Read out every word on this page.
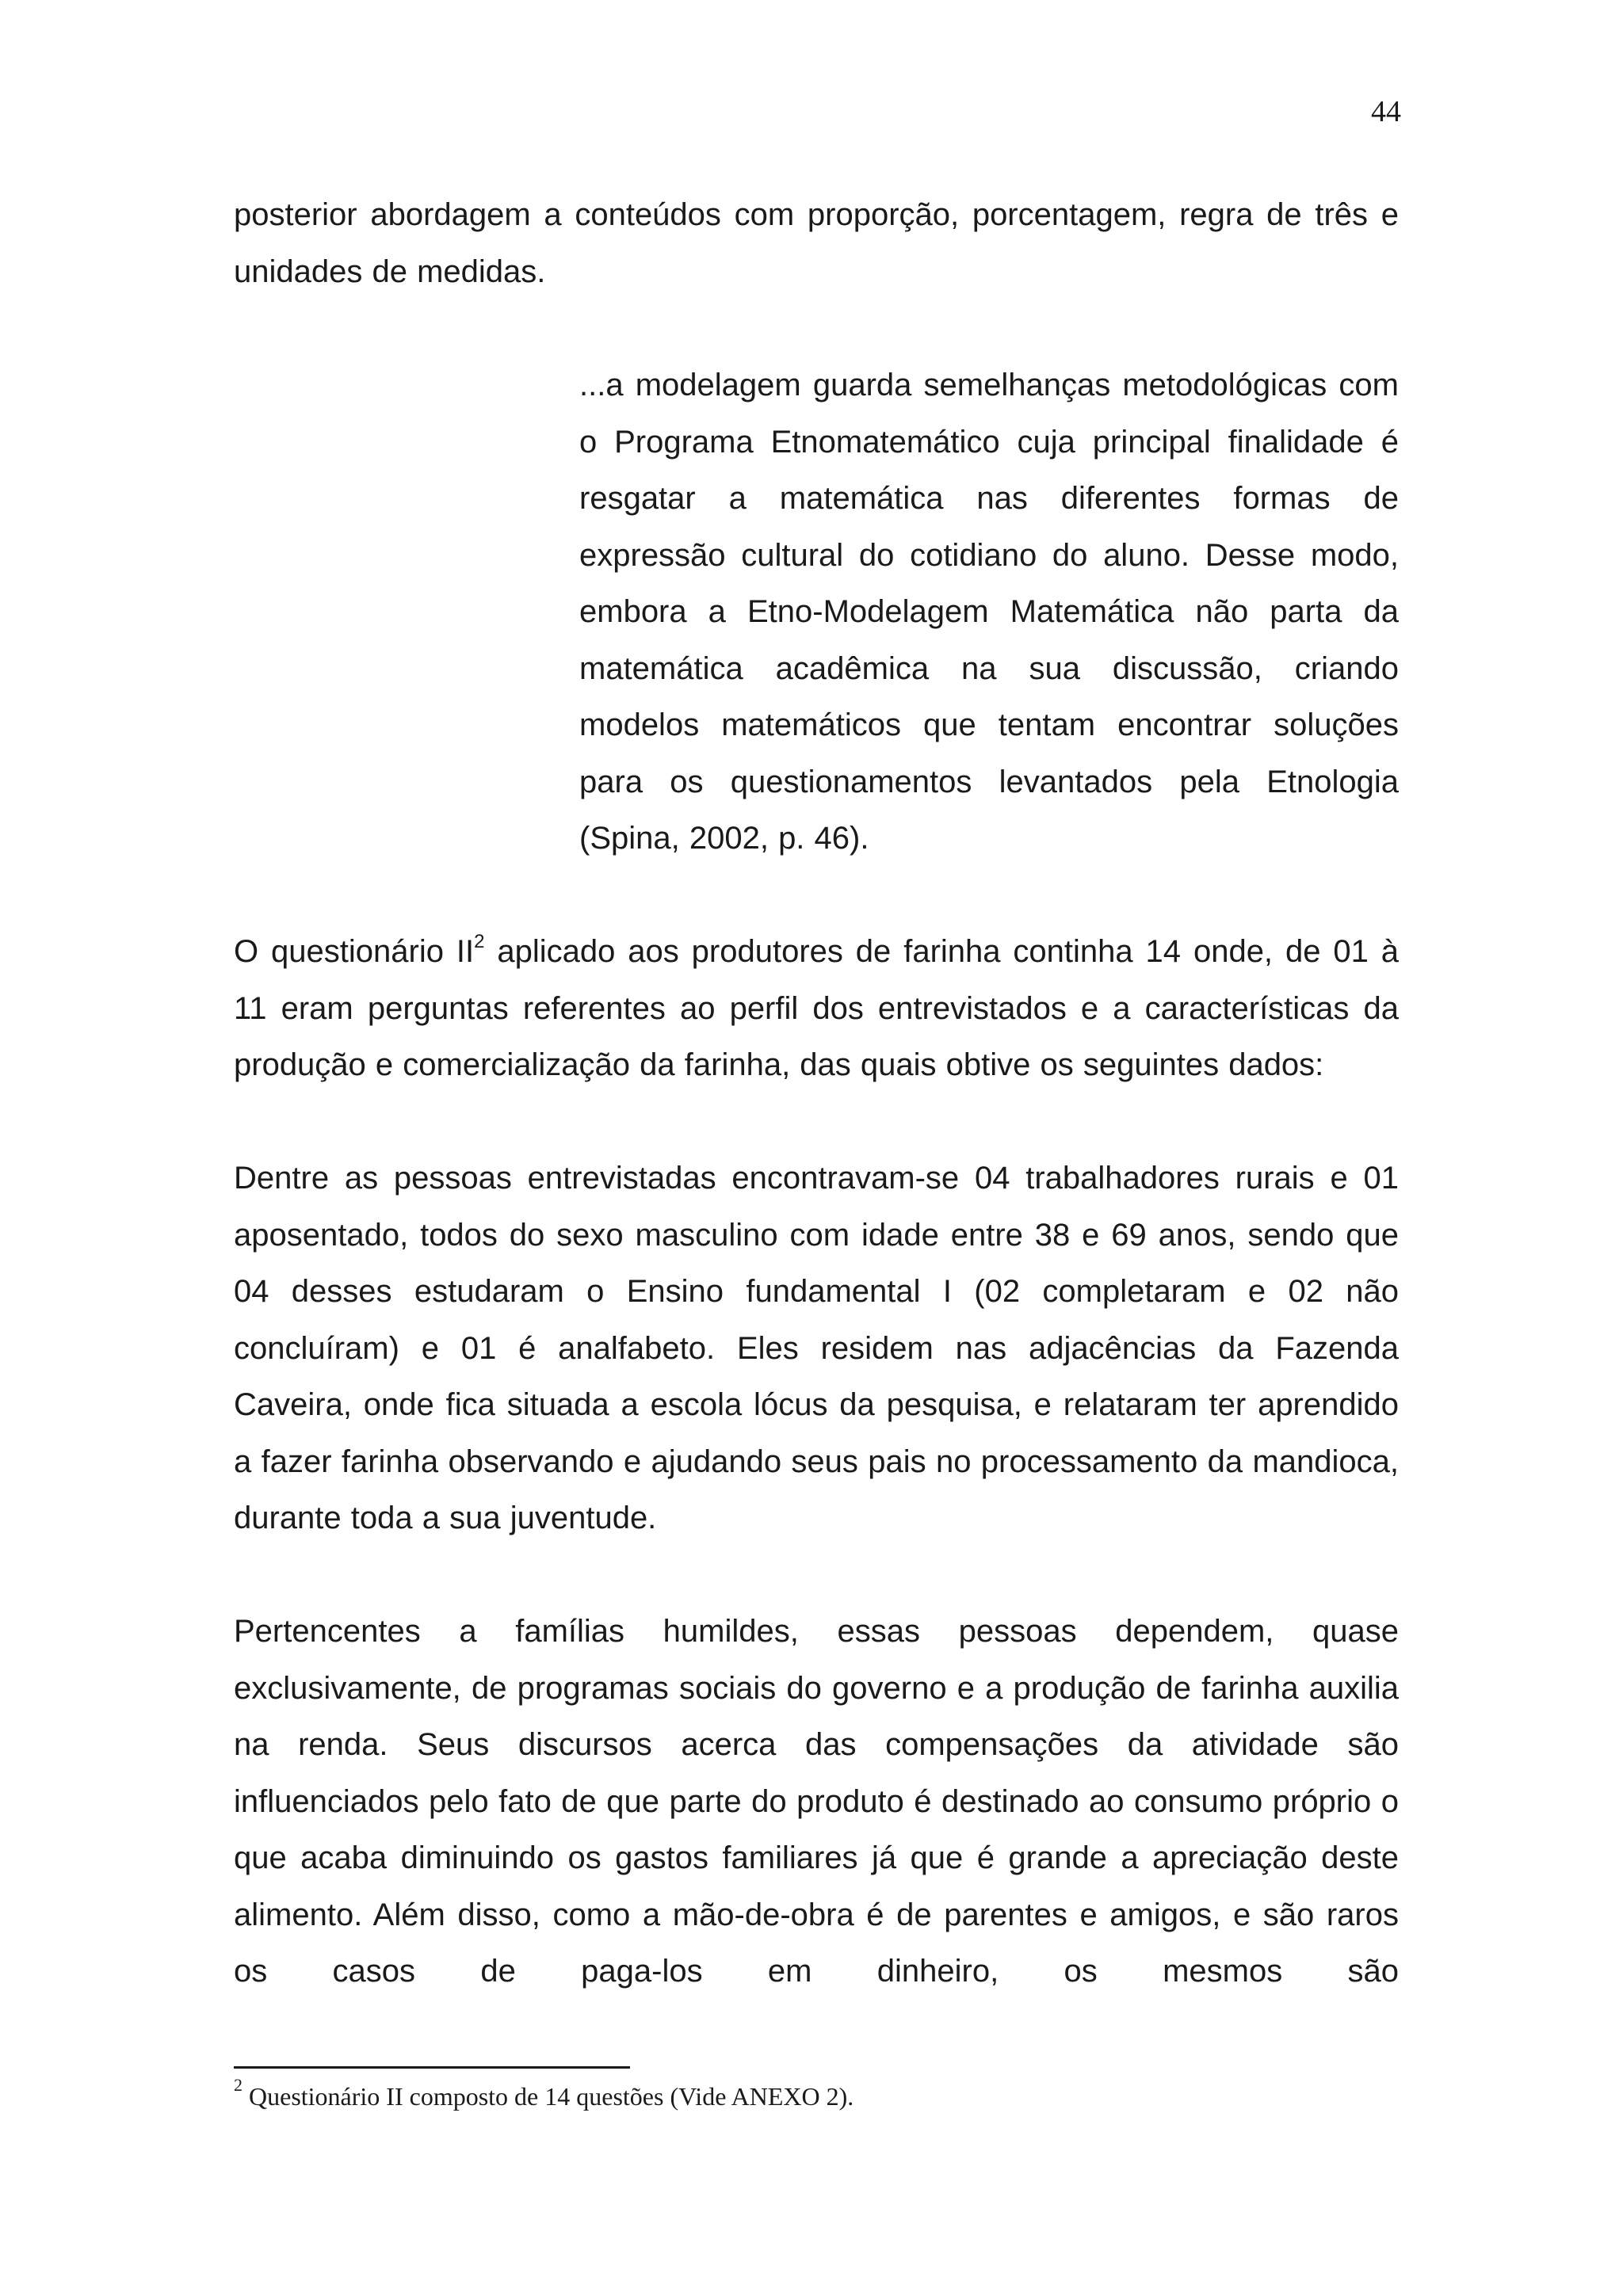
44

posterior abordagem a conteúdos com proporção, porcentagem, regra de três e unidades de medidas.

...a modelagem guarda semelhanças metodológicas com o Programa Etnomatemático cuja principal finalidade é resgatar a matemática nas diferentes formas de expressão cultural do cotidiano do aluno. Desse modo, embora a Etno-Modelagem Matemática não parta da matemática acadêmica na sua discussão, criando modelos matemáticos que tentam encontrar soluções para os questionamentos levantados pela Etnologia (Spina, 2002, p. 46).

O questionário $II^2$ aplicado aos produtores de farinha continha 14 onde, de 01 à 11 eram perguntas referentes ao perfil dos entrevistados e a características da produção e comercialização da farinha, das quais obtive os seguintes dados:

Dentre as pessoas entrevistadas encontravam-se 04 trabalhadores rurais e 01 aposentado, todos do sexo masculino com idade entre 38 e 69 anos, sendo que 04 desses estudaram o Ensino fundamental I (02 completaram e 02 não concluíram) e 01 é analfabeto. Eles residem nas adjacências da Fazenda Caveira, onde fica situada a escola lócus da pesquisa, e relataram ter aprendido a fazer farinha observando e ajudando seus pais no processamento da mandioca, durante toda a sua juventude.

Pertencentes a famílias humildes, essas pessoas dependem, quase exclusivamente, de programas sociais do governo e a produção de farinha auxilia na renda. Seus discursos acerca das compensações da atividade são influenciados pelo fato de que parte do produto é destinado ao consumo próprio o que acaba diminuindo os gastos familiares já que é grande a apreciação deste alimento. Além disso, como a mão-de-obra é de parentes e amigos, e são raros os casos de paga-los em dinheiro, os mesmos são

$^2$ Questionário II composto de 14 questões (Vide ANEXO 2).
